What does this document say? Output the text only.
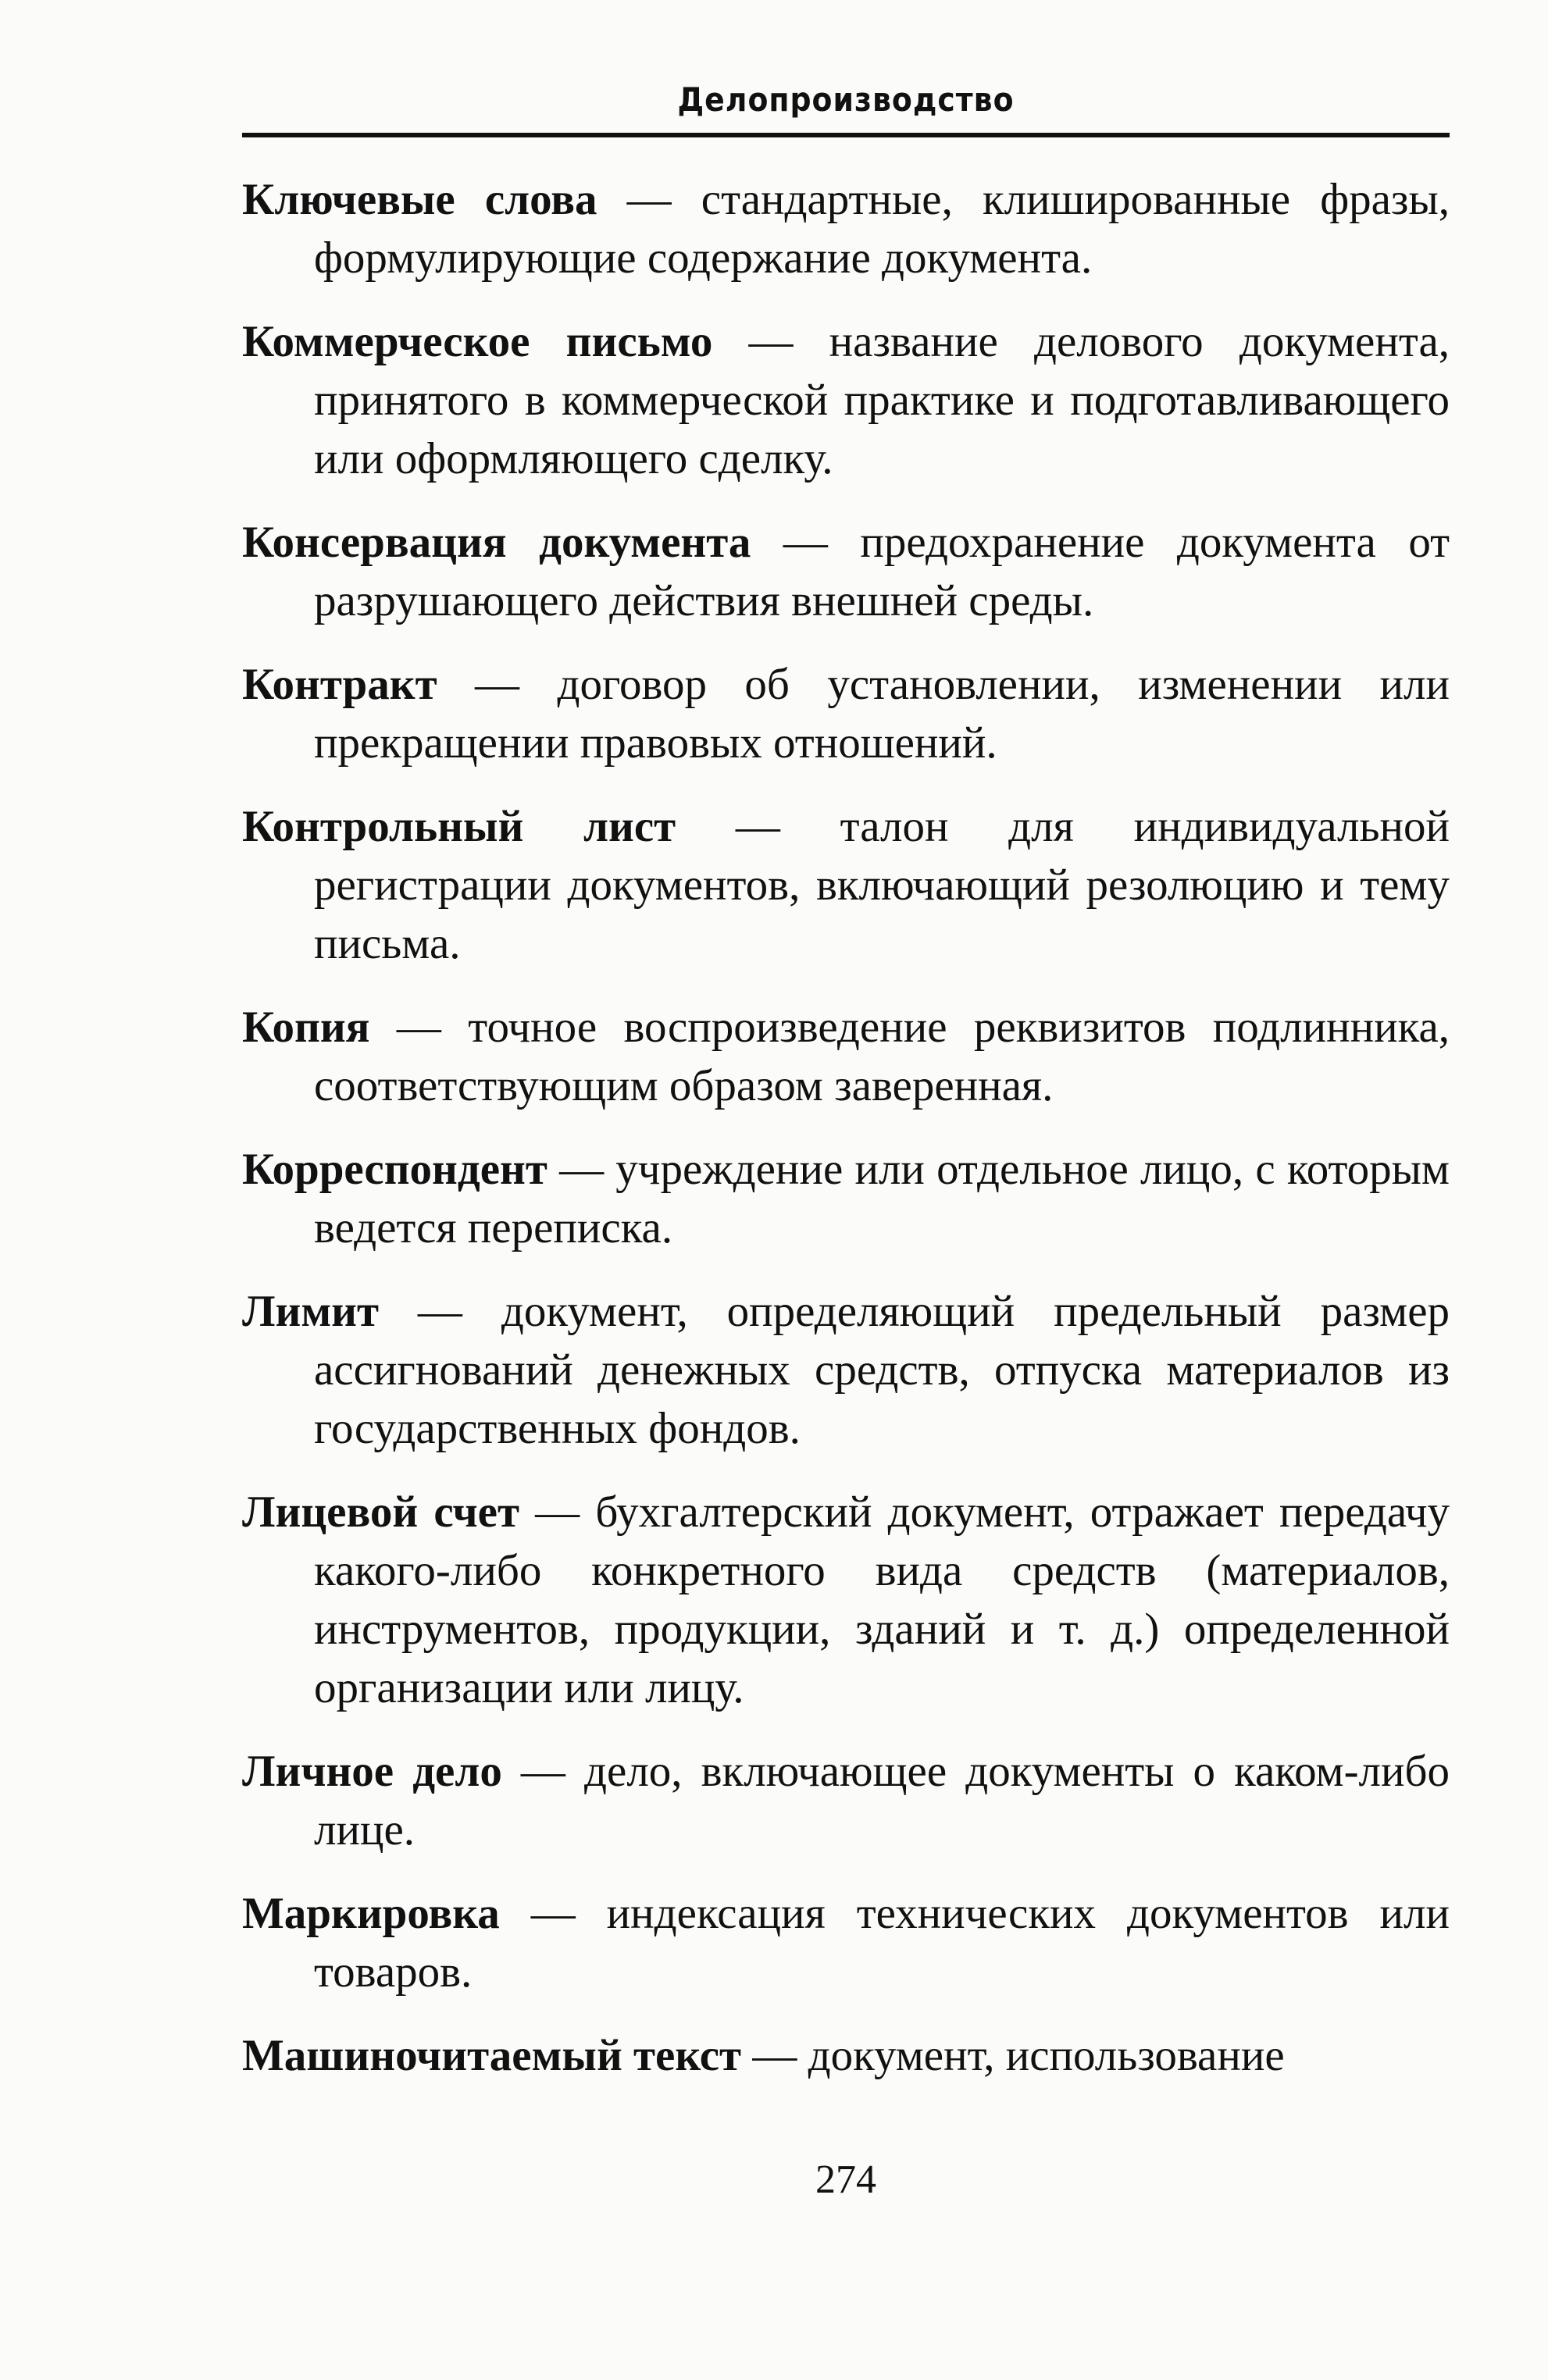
Делопроизводство

Ключевые слова — стандартные, клишированные фразы, формулирующие содержание документа.

Коммерческое письмо — название делового документа, принятого в коммерческой практике и подготавливающего или оформляющего сделку.

Консервация документа — предохранение документа от разрушающего действия внешней среды.

Контракт — договор об установлении, изменении или прекращении правовых отношений.

Контрольный лист — талон для индивидуальной регистрации документов, включающий резолюцию и тему письма.

Копия — точное воспроизведение реквизитов подлинника, соответствующим образом заверенная.

Корреспондент — учреждение или отдельное лицо, с которым ведется переписка.

Лимит — документ, определяющий предельный размер ассигнований денежных средств, отпуска материалов из государственных фондов.

Лицевой счет — бухгалтерский документ, отражает передачу какого-либо конкретного вида средств (материалов, инструментов, продукции, зданий и т. д.) определенной организации или лицу.

Личное дело — дело, включающее документы о каком-либо лице.

Маркировка — индексация технических документов или товаров.

Машиночитаемый текст — документ, использование

274
